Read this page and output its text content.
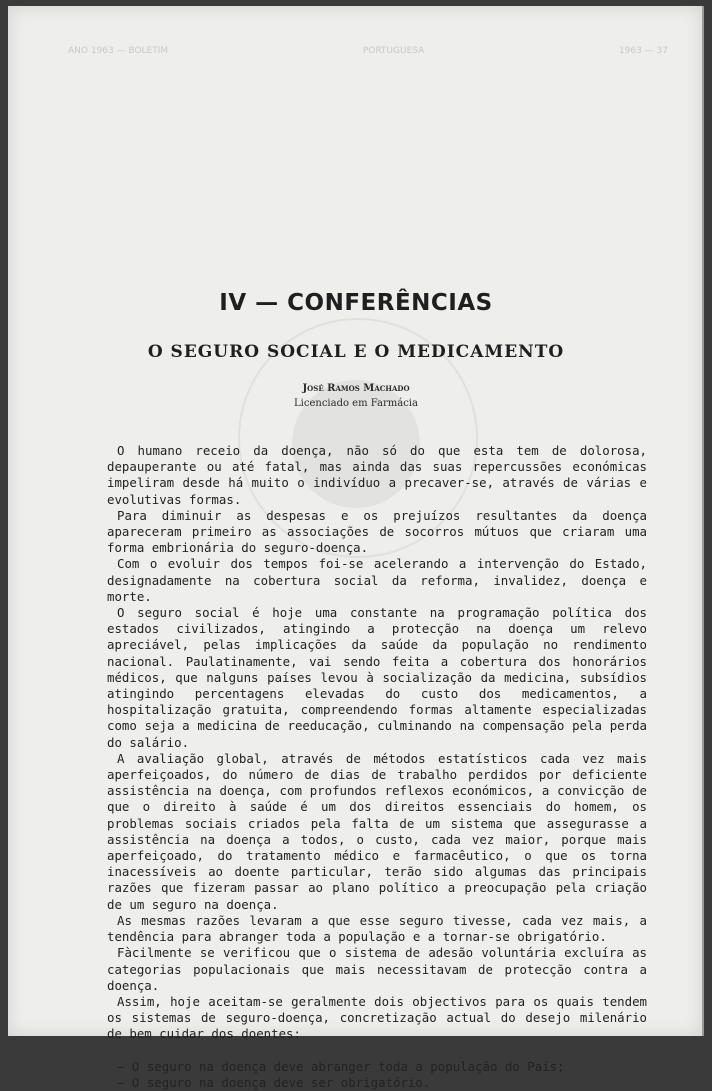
ANO 1963 — BOLETIM	PORTUGUESA	1963 — 37
IV — CONFERÊNCIAS
O SEGURO SOCIAL E O MEDICAMENTO
José Ramos Machado
Licenciado em Farmácia

O humano receio da doença, não só do que esta tem de dolorosa, depauperante ou até fatal, mas ainda das suas repercussões económicas impeliram desde há muito o indivíduo a precaver-se, através de várias e evolutivas formas.

Para diminuir as despesas e os prejuízos resultantes da doença apareceram primeiro as associações de socorros mútuos que criaram uma forma embrionária do seguro-doença.

Com o evoluir dos tempos foi-se acelerando a intervenção do Estado, designadamente na cobertura social da reforma, invalidez, doença e morte.

O seguro social é hoje uma constante na programação política dos estados civilizados, atingindo a protecção na doença um relevo apreciável, pelas implicações da saúde da população no rendimento nacional. Paulatinamente, vai sendo feita a cobertura dos honorários médicos, que nalguns países levou à socialização da medicina, subsídios atingindo percentagens elevadas do custo dos medicamentos, a hospitalização gratuita, compreendendo formas altamente especializadas como seja a medicina de reeducação, culminando na compensação pela perda do salário.

A avaliação global, através de métodos estatísticos cada vez mais aperfeiçoados, do número de dias de trabalho perdidos por deficiente assistência na doença, com profundos reflexos económicos, a convicção de que o direito à saúde é um dos direitos essenciais do homem, os problemas sociais criados pela falta de um sistema que assegurasse a assistência na doença a todos, o custo, cada vez maior, porque mais aperfeiçoado, do tratamento médico e farmacêutico, o que os torna inacessíveis ao doente particular, terão sido algumas das principais razões que fizeram passar ao plano político a preocupação pela criação de um seguro na doença.

As mesmas razões levaram a que esse seguro tivesse, cada vez mais, a tendência para abranger toda a população e a tornar-se obrigatório.

Fàcilmente se verificou que o sistema de adesão voluntária excluíra as categorias populacionais que mais necessitavam de protecção contra a doença.

Assim, hoje aceitam-se geralmente dois objectivos para os quais tendem os sistemas de seguro-doença, concretização actual do desejo milenário de bem cuidar dos doentes:

— O seguro na doença deve abranger toda a população do País;
— O seguro na doença deve ser obrigatório.
